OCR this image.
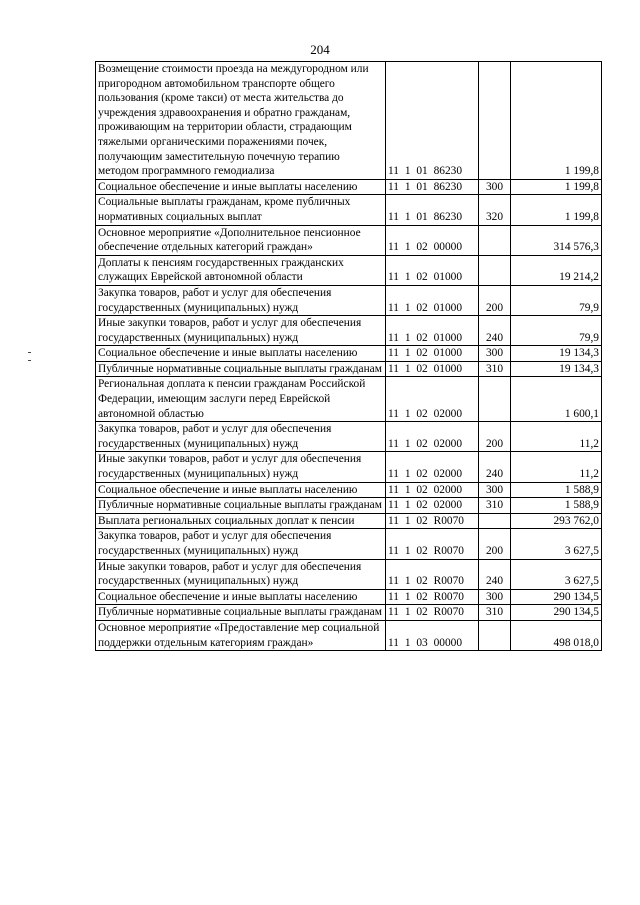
204
Возмещение стоимости проезда на междугородном или пригородном автомобильном транспорте общего пользования (кроме такси) от места жительства до учреждения здравоохранения и обратно гражданам, проживающим на территории области, страдающим тяжелыми органическими поражениями почек, получающим заместительную почечную терапию методом программного гемодиализа	11 1 01 86230		1 199,8
Социальное обеспечение и иные выплаты населению	11 1 01 86230	300	1 199,8
Социальные выплаты гражданам, кроме публичных нормативных социальных выплат	11 1 01 86230	320	1 199,8
Основное мероприятие «Дополнительное пенсионное обеспечение отдельных категорий граждан»	11 1 02 00000		314 576,3
Доплаты к пенсиям государственных гражданских служащих Еврейской автономной области	11 1 02 01000		19 214,2
Закупка товаров, работ и услуг для обеспечения государственных (муниципальных) нужд	11 1 02 01000	200	79,9
Иные закупки товаров, работ и услуг для обеспечения государственных (муниципальных) нужд	11 1 02 01000	240	79,9
Социальное обеспечение и иные выплаты населению	11 1 02 01000	300	19 134,3
Публичные нормативные социальные выплаты гражданам	11 1 02 01000	310	19 134,3
Региональная доплата к пенсии гражданам Российской Федерации, имеющим заслуги перед Еврейской автономной областью	11 1 02 02000		1 600,1
Закупка товаров, работ и услуг для обеспечения государственных (муниципальных) нужд	11 1 02 02000	200	11,2
Иные закупки товаров, работ и услуг для обеспечения государственных (муниципальных) нужд	11 1 02 02000	240	11,2
Социальное обеспечение и иные выплаты населению	11 1 02 02000	300	1 588,9
Публичные нормативные социальные выплаты гражданам	11 1 02 02000	310	1 588,9
Выплата региональных социальных доплат к пенсии	11 1 02 R0070		293 762,0
Закупка товаров, работ и услуг для обеспечения государственных (муниципальных) нужд	11 1 02 R0070	200	3 627,5
Иные закупки товаров, работ и услуг для обеспечения государственных (муниципальных) нужд	11 1 02 R0070	240	3 627,5
Социальное обеспечение и иные выплаты населению	11 1 02 R0070	300	290 134,5
Публичные нормативные социальные выплаты гражданам	11 1 02 R0070	310	290 134,5
Основное мероприятие «Предоставление мер социальной поддержки отдельным категориям граждан»	11 1 03 00000		498 018,0
